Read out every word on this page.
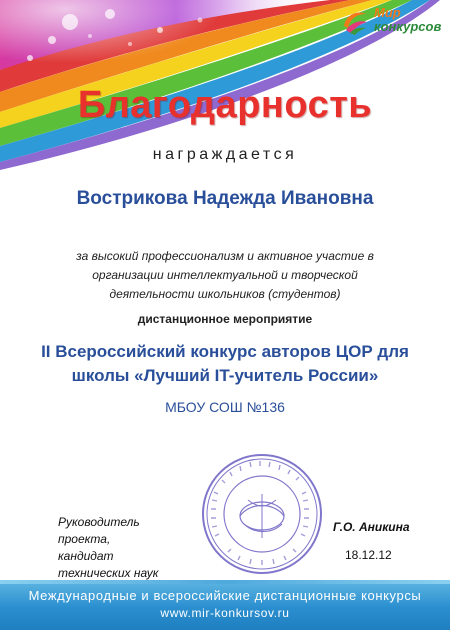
Мир
конкурсов
Благодарность
награждается
Вострикова Надежда Ивановна
за высокий профессионализм и активное участие в
организации интеллектуальной и творческой
деятельности школьников (студентов)
дистанционное мероприятие
II Всероссийский конкурс авторов ЦОР для
школы «Лучший IT-учитель России»
МБОУ СОШ №136
Руководитель проекта,
кандидат технических наук
Г.О. Аникина
18.12.12
Международные и всероссийские дистанционные конкурсы
www.mir-konkursov.ru
